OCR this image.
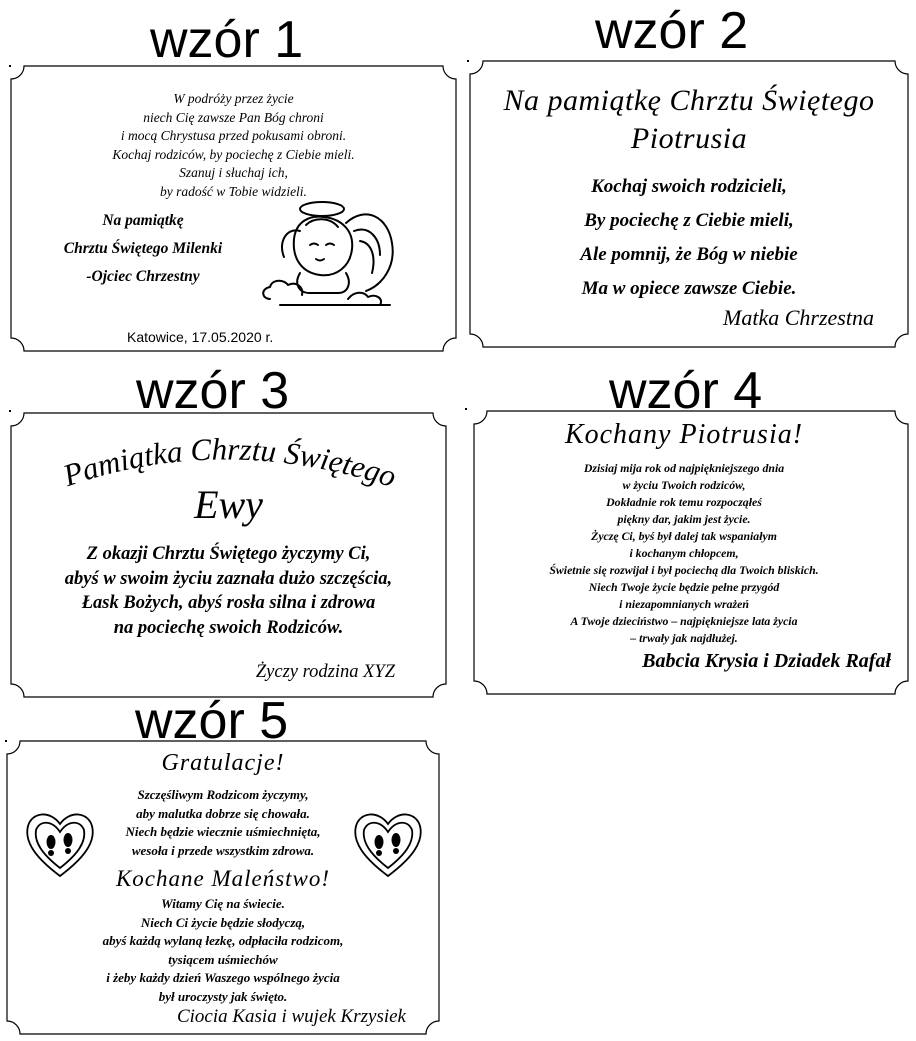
wzór 1	wzór 2
wzór 3	wzór 4
wzór 5
W podróży przez życie
niech Cię zawsze Pan Bóg chroni
i mocą Chrystusa przed pokusami obroni.
Kochaj rodziców, by pociechę z Ciebie mieli.
Szanuj i słuchaj ich,
by radość w Tobie widzieli.
Na pamiątkę
Chrztu Świętego Milenki
-Ojciec Chrzestny
Katowice, 17.05.2020 r.
Na pamiątkę Chrztu Świętego
Piotrusia
Kochaj swoich rodzicieli,
By pociechę z Ciebie mieli,
Ale pomnij, że Bóg w niebie
Ma w opiece zawsze Ciebie.
Matka Chrzestna
Pamiątka Chrztu Świętego
Ewy
Z okazji Chrztu Świętego życzymy Ci,
abyś w swoim życiu zaznała dużo szczęścia,
Łask Bożych, abyś rosła silna i zdrowa
na pociechę swoich Rodziców.
Życzy rodzina XYZ
Kochany Piotrusia!
Dzisiaj mija rok od najpiękniejszego dnia
w życiu Twoich rodziców,
Dokładnie rok temu rozpocząłeś
piękny dar, jakim jest życie.
Życzę Ci, byś był dalej tak wspaniałym
i kochanym chłopcem,
Świetnie się rozwijał i był pociechą dla Twoich bliskich.
Niech Twoje życie będzie pełne przygód
i niezapomnianych wrażeń
A Twoje dzieciństwo – najpiękniejsze lata życia
– trwały jak najdłużej.
Babcia Krysia i Dziadek Rafał
Gratulacje!
Szczęśliwym Rodzicom życzymy,
aby malutka dobrze się chowała.
Niech będzie wiecznie uśmiechnięta,
wesoła i przede wszystkim zdrowa.
Kochane Maleństwo!
Witamy Cię na świecie.
Niech Ci życie będzie słodyczą,
abyś każdą wylaną łezkę, odpłaciła rodzicom,
tysiącem uśmiechów
i żeby każdy dzień Waszego wspólnego życia
był uroczysty jak święto.
Ciocia Kasia i wujek Krzysiek
